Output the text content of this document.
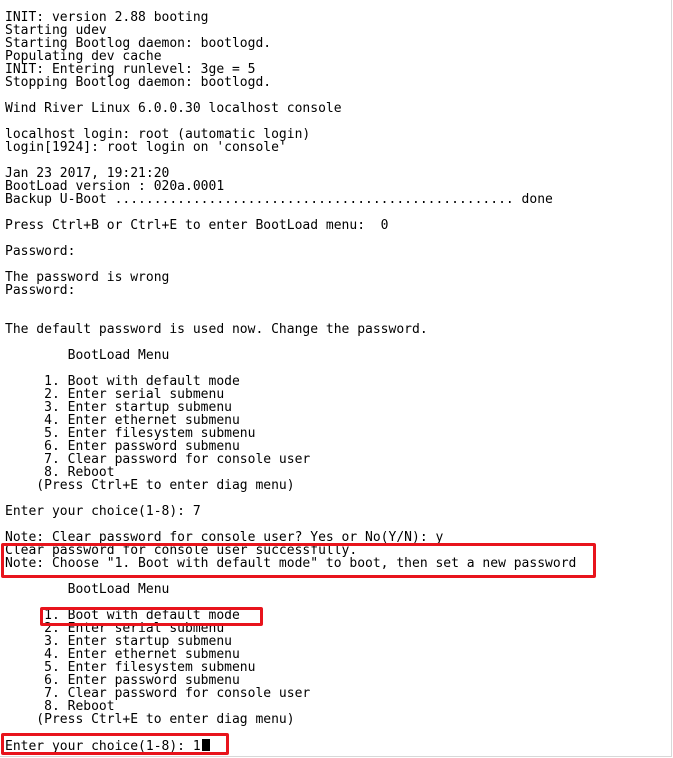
INIT: version 2.88 booting
Starting udev
Starting Bootlog daemon: bootlogd.
Populating dev cache
INIT: Entering runlevel: 3ge = 5
Stopping Bootlog daemon: bootlogd.
Wind River Linux 6.0.0.30 localhost console
localhost login: root (automatic login)
login[1924]: root login on 'console'
Jan 23 2017, 19:21:20
BootLoad version : 020a.0001
Backup U-Boot ................................................... done
Press Ctrl+B or Ctrl+E to enter BootLoad menu:  0
Password:
The password is wrong
Password:
The default password is used now. Change the password.
BootLoad Menu
1. Boot with default mode
2. Enter serial submenu
3. Enter startup submenu
4. Enter ethernet submenu
5. Enter filesystem submenu
6. Enter password submenu
7. Clear password for console user
8. Reboot
(Press Ctrl+E to enter diag menu)
Enter your choice(1-8): 7
Note: Clear password for console user? Yes or No(Y/N): y
Clear password for console user successfully.
Note: Choose "1. Boot with default mode" to boot, then set a new password
BootLoad Menu
1. Boot with default mode
2. Enter serial submenu
3. Enter startup submenu
4. Enter ethernet submenu
5. Enter filesystem submenu
6. Enter password submenu
7. Clear password for console user
8. Reboot
(Press Ctrl+E to enter diag menu)
Enter your choice(1-8): 1
